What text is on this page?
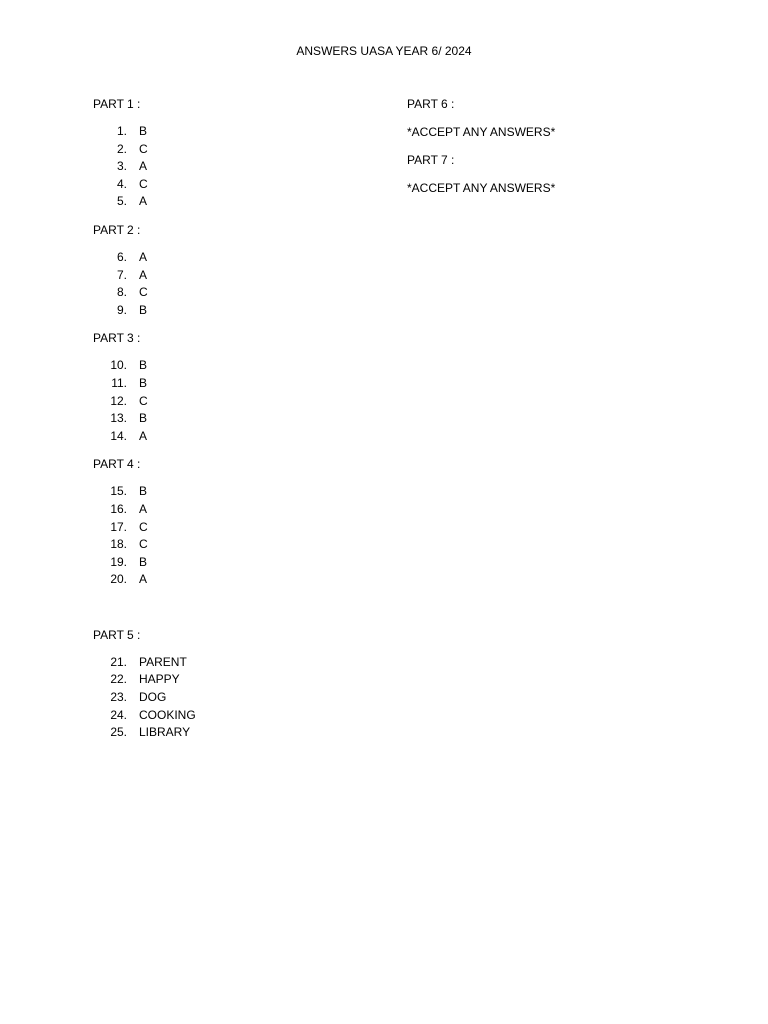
ANSWERS UASA YEAR 6/ 2024

PART 1 :

1. B
2. C
3. A
4. C
5. A

PART 2 :

6. A
7. A
8. C
9. B

PART 3 :

10. B
11. B
12. C
13. B
14. A

PART 4 :

15. B
16. A
17. C
18. C
19. B
20. A

PART 5 :

21. PARENT
22. HAPPY
23. DOG
24. COOKING
25. LIBRARY

PART 6 :

*ACCEPT ANY ANSWERS*

PART 7 :

*ACCEPT ANY ANSWERS*
